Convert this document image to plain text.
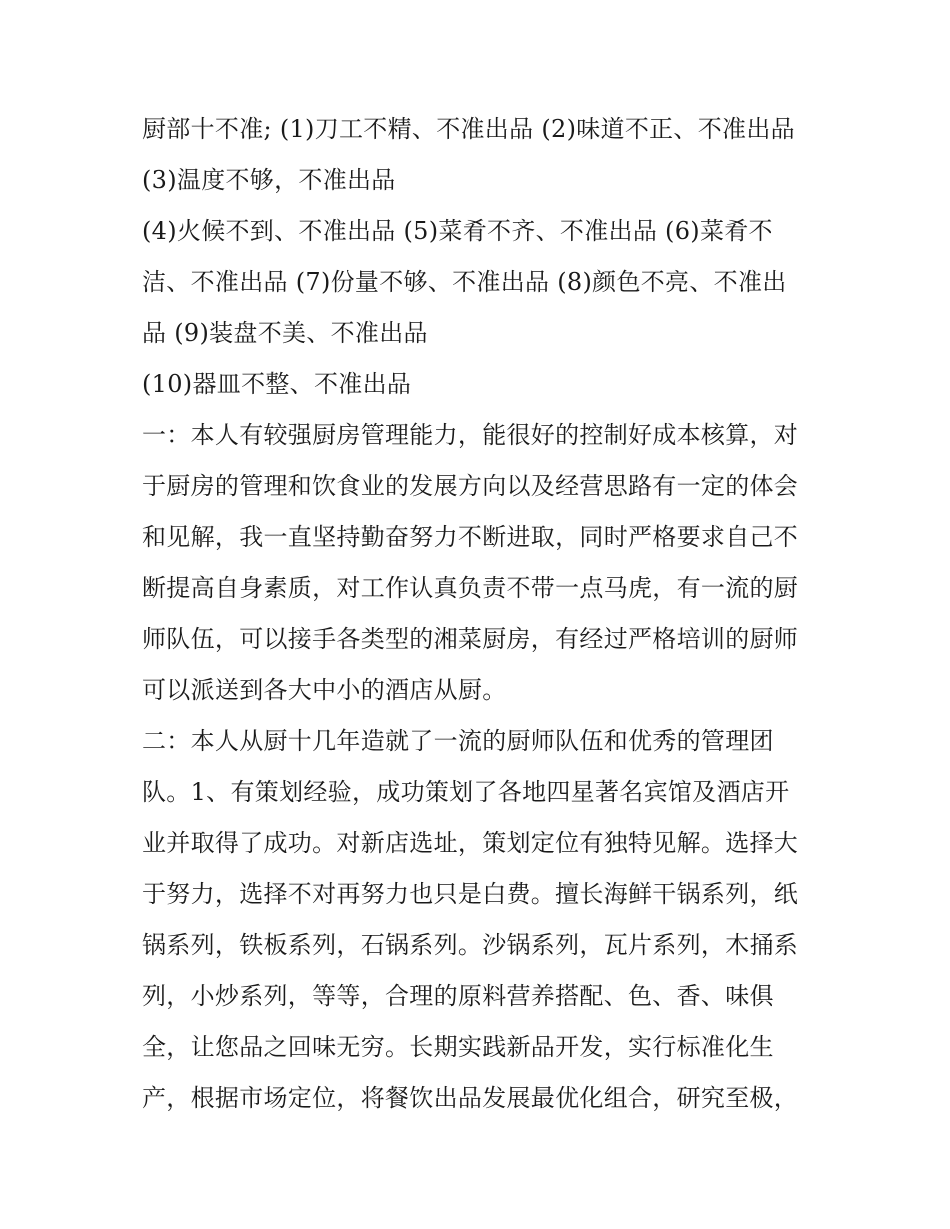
厨部十不准; (1)刀工不精、不准出品 (2)味道不正、不准出品
(3)温度不够，不准出品
(4)火候不到、不准出品 (5)菜肴不齐、不准出品 (6)菜肴不
洁、不准出品 (7)份量不够、不准出品 (8)颜色不亮、不准出
品 (9)装盘不美、不准出品
(10)器皿不整、不准出品
一：本人有较强厨房管理能力，能很好的控制好成本核算，对
于厨房的管理和饮食业的发展方向以及经营思路有一定的体会
和见解，我一直坚持勤奋努力不断进取，同时严格要求自己不
断提高自身素质，对工作认真负责不带一点马虎，有一流的厨
师队伍，可以接手各类型的湘菜厨房，有经过严格培训的厨师
可以派送到各大中小的酒店从厨。
二：本人从厨十几年造就了一流的厨师队伍和优秀的管理团
队。1、有策划经验，成功策划了各地四星著名宾馆及酒店开
业并取得了成功。对新店选址，策划定位有独特见解。选择大
于努力，选择不对再努力也只是白费。擅长海鲜干锅系列，纸
锅系列，铁板系列，石锅系列。沙锅系列，瓦片系列，木捅系
列，小炒系列，等等，合理的原料营养搭配、色、香、味俱
全，让您品之回味无穷。长期实践新品开发，实行标准化生
产，根据市场定位，将餐饮出品发展最优化组合，研究至极，
